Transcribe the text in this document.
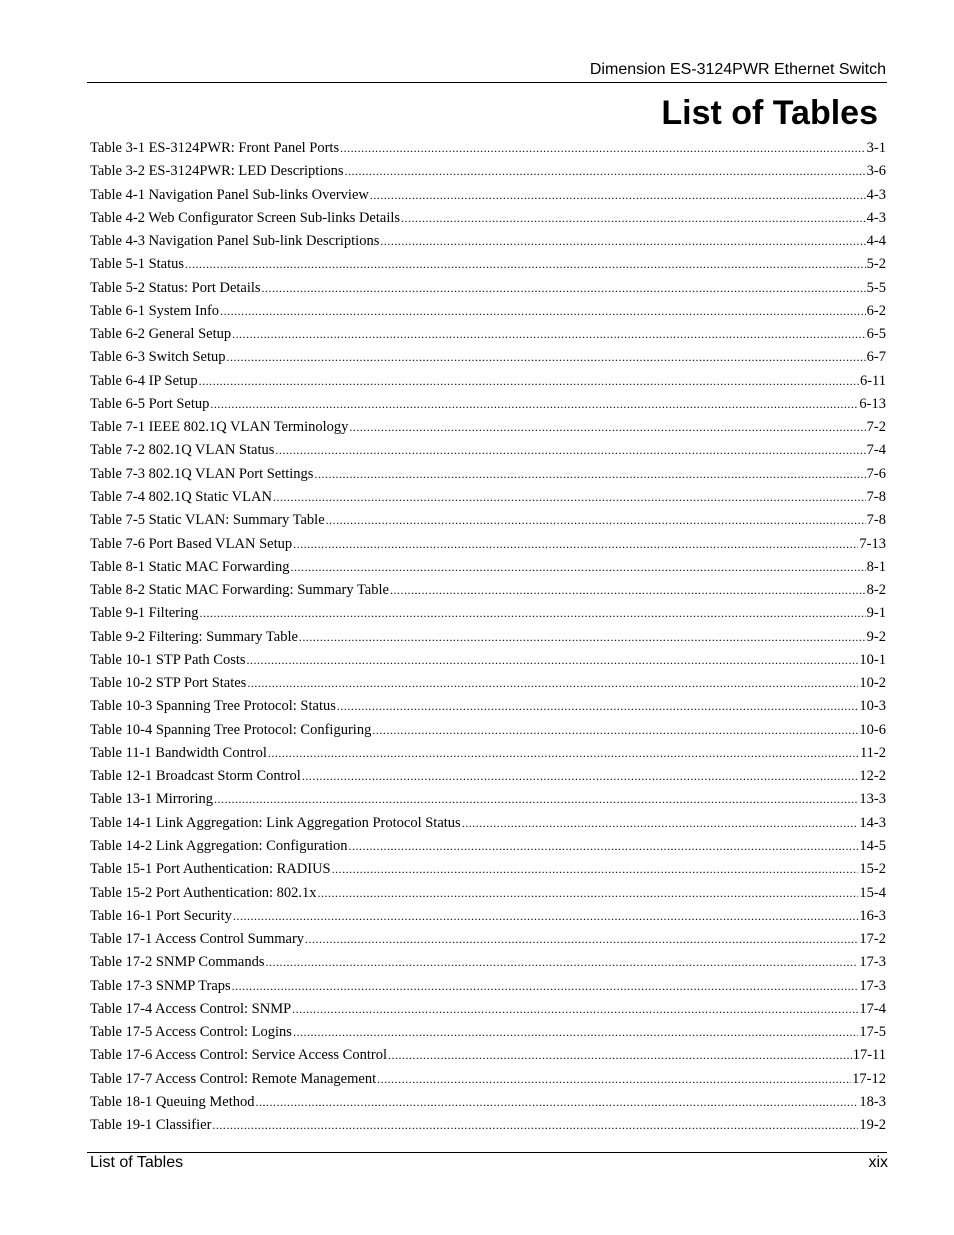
Dimension ES-3124PWR Ethernet Switch
List of Tables
Table 3-1 ES-3124PWR: Front Panel Ports .....	3-1
Table 3-2 ES-3124PWR: LED Descriptions .....	3-6
Table 4-1 Navigation Panel Sub-links Overview .....	4-3
Table 4-2 Web Configurator Screen Sub-links Details .....	4-3
Table 4-3 Navigation Panel Sub-link Descriptions .....	4-4
Table 5-1 Status .....	5-2
Table 5-2 Status: Port Details .....	5-5
Table 6-1 System Info .....	6-2
Table 6-2 General Setup .....	6-5
Table 6-3 Switch Setup .....	6-7
Table 6-4 IP Setup .....	6-11
Table 6-5 Port Setup .....	6-13
Table 7-1 IEEE 802.1Q VLAN Terminology .....	7-2
Table 7-2 802.1Q VLAN Status .....	7-4
Table 7-3 802.1Q VLAN Port Settings .....	7-6
Table 7-4 802.1Q Static VLAN .....	7-8
Table 7-5 Static VLAN: Summary Table .....	7-8
Table 7-6 Port Based VLAN Setup .....	7-13
Table 8-1 Static MAC Forwarding .....	8-1
Table 8-2 Static MAC Forwarding: Summary Table .....	8-2
Table 9-1 Filtering .....	9-1
Table 9-2 Filtering: Summary Table .....	9-2
Table 10-1 STP Path Costs .....	10-1
Table 10-2 STP Port States .....	10-2
Table 10-3 Spanning Tree Protocol: Status .....	10-3
Table 10-4 Spanning Tree Protocol: Configuring .....	10-6
Table 11-1 Bandwidth Control .....	11-2
Table 12-1 Broadcast Storm Control .....	12-2
Table 13-1 Mirroring .....	13-3
Table 14-1 Link Aggregation: Link Aggregation Protocol Status .....	14-3
Table 14-2 Link Aggregation: Configuration .....	14-5
Table 15-1 Port Authentication: RADIUS .....	15-2
Table 15-2 Port Authentication: 802.1x .....	15-4
Table 16-1 Port Security .....	16-3
Table 17-1 Access Control Summary .....	17-2
Table 17-2 SNMP Commands .....	17-3
Table 17-3 SNMP Traps .....	17-3
Table 17-4 Access Control: SNMP .....	17-4
Table 17-5 Access Control: Logins .....	17-5
Table 17-6 Access Control: Service Access Control .....	17-11
Table 17-7 Access Control: Remote Management .....	17-12
Table 18-1 Queuing Method .....	18-3
Table 19-1 Classifier .....	19-2
List of Tables	xix
